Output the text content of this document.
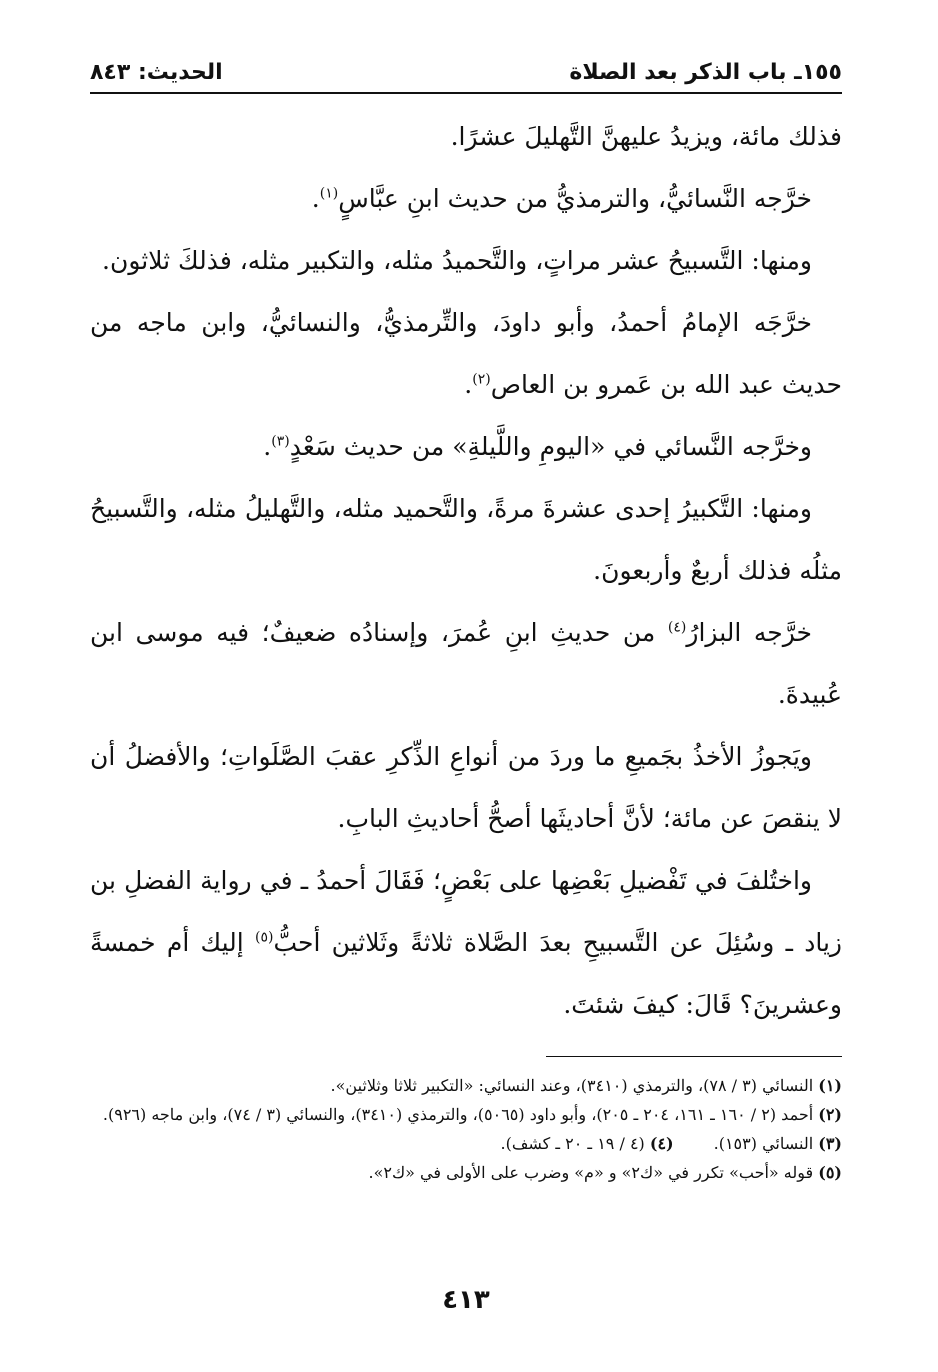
١٥٥ـ باب الذكر بعد الصلاة
الحديث: ٨٤٣

فذلك مائة، ويزيدُ عليهنَّ التَّهليلَ عشرًا.

خرَّجه النَّسائيُّ، والترمذيُّ من حديث ابنِ عبَّاسٍ$^{(١)}$.

ومنها: التَّسبيحُ عشر مراتٍ، والتَّحميدُ مثله، والتكبير مثله، فذلكَ ثلاثون.

خرَّجَه الإمامُ أحمدُ، وأبو داودَ، والتِّرمذيُّ، والنسائيُّ، وابن ماجه من حديث عبد الله بن عَمرو بن العاص$^{(٢)}$.

وخرَّجه النَّسائي في «اليومِ واللَّيلةِ» من حديث سَعْدٍ$^{(٣)}$.

ومنها: التَّكبيرُ إحدى عشرةَ مرةً، والتَّحميد مثله، والتَّهليلُ مثله، والتَّسبيحُ مثلُه فذلك أربعٌ وأربعونَ.

خرَّجه البزارُ$^{(٤)}$ من حديثِ ابنِ عُمرَ، وإسنادُه ضعيفٌ؛ فيه موسى ابن عُبيدةَ.

ويَجوزُ الأخذُ بجَميعِ ما وردَ من أنواعِ الذِّكرِ عقبَ الصَّلَواتِ؛ والأفضلُ أن لا ينقصَ عن مائة؛ لأنَّ أحاديثَها أصحُّ أحاديثِ البابِ.

واختُلفَ في تَفْضيلِ بَعْضِها على بَعْضٍ؛ فَقَالَ أحمدُ ـ في رواية الفضلِ بن زياد ـ وسُئِلَ عن التَّسبيحِ بعدَ الصَّلاة ثلاثةً وثَلاثين أحبُّ$^{(٥)}$ إليك أم خمسةً وعشرينَ؟ قَالَ: كيفَ شئتَ.

(١) النسائي (٣ / ٧٨)، والترمذي (٣٤١٠)، وعند النسائي: «التكبير ثلاثا وثلاثين».

(٢) أحمد (٢ / ١٦٠ ـ ١٦١، ٢٠٤ ـ ٢٠٥)، وأبو داود (٥٠٦٥)، والترمذي (٣٤١٠)، والنسائي (٣ / ٧٤)، وابن ماجه (٩٢٦).

(٣) النسائي (١٥٣).
(٤) (٤ / ١٩ ـ ٢٠ ـ كشف).

(٥) قوله «أحب» تكرر في «ك٢» و «م» وضرب على الأولى في «ك٢».

٤١٣
